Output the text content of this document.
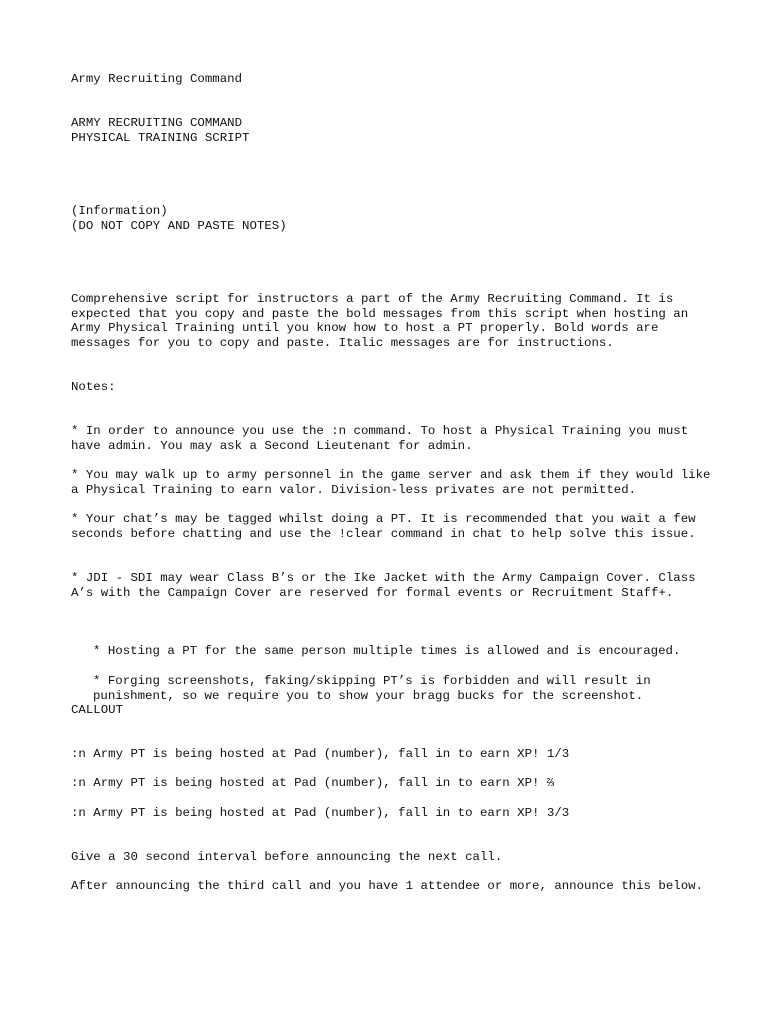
Army Recruiting Command

ARMY RECRUITING COMMAND
PHYSICAL TRAINING SCRIPT

(Information)
(DO NOT COPY AND PASTE NOTES)

Comprehensive script for instructors a part of the Army Recruiting Command. It is expected that you copy and paste the bold messages from this script when hosting an Army Physical Training until you know how to host a PT properly. Bold words are messages for you to copy and paste. Italic messages are for instructions.

Notes:

* In order to announce you use the :n command. To host a Physical Training you must have admin. You may ask a Second Lieutenant for admin.

* You may walk up to army personnel in the game server and ask them if they would like a Physical Training to earn valor. Division-less privates are not permitted.

* Your chat’s may be tagged whilst doing a PT. It is recommended that you wait a few seconds before chatting and use the !clear command in chat to help solve this issue.

* JDI - SDI may wear Class B’s or the Ike Jacket with the Army Campaign Cover. Class A’s with the Campaign Cover are reserved for formal events or Recruitment Staff+.

* Hosting a PT for the same person multiple times is allowed and is encouraged.

* Forging screenshots, faking/skipping PT’s is forbidden and will result in punishment, so we require you to show your bragg bucks for the screenshot.

CALLOUT

:n Army PT is being hosted at Pad (number), fall in to earn XP! 1/3

:n Army PT is being hosted at Pad (number), fall in to earn XP! ⅔

:n Army PT is being hosted at Pad (number), fall in to earn XP! 3/3

Give a 30 second interval before announcing the next call.

After announcing the third call and you have 1 attendee or more, announce this below.
